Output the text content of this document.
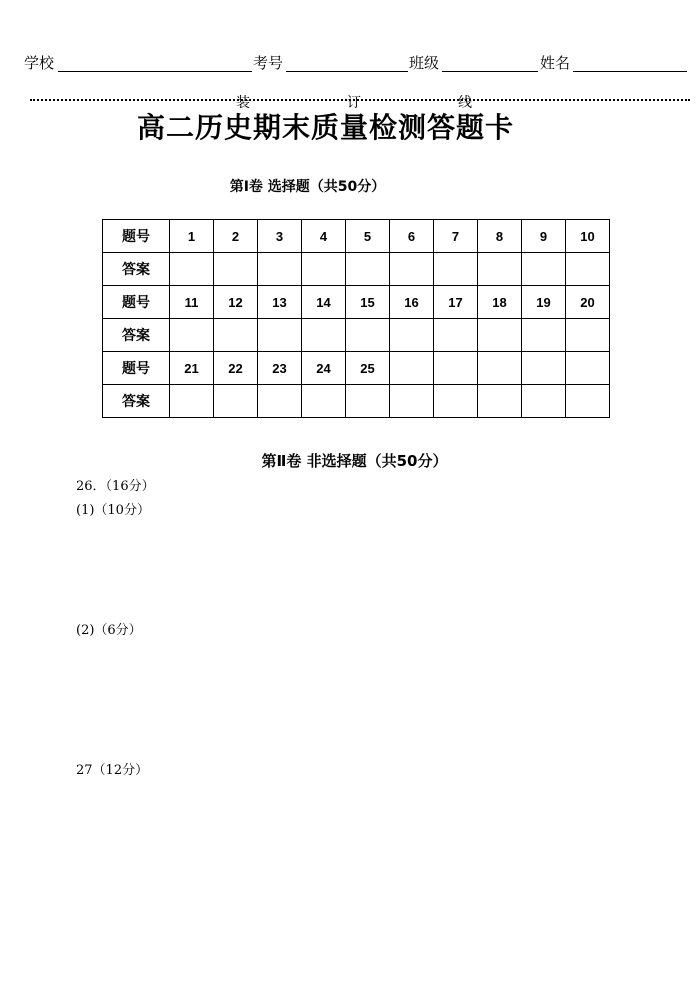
学校	考号	班级	姓名
装	订	线
高二历史期末质量检测答题卡
第Ⅰ卷 选择题（共50分）
题号	1	2	3	4	5	6	7	8	9	10
答案										
题号	11	12	13	14	15	16	17	18	19	20
答案										
题号	21	22	23	24	25					
答案										
第Ⅱ卷 非选择题（共50分）
26．（16分）
(1)（10分）
(2)（6分）
27（12分）
